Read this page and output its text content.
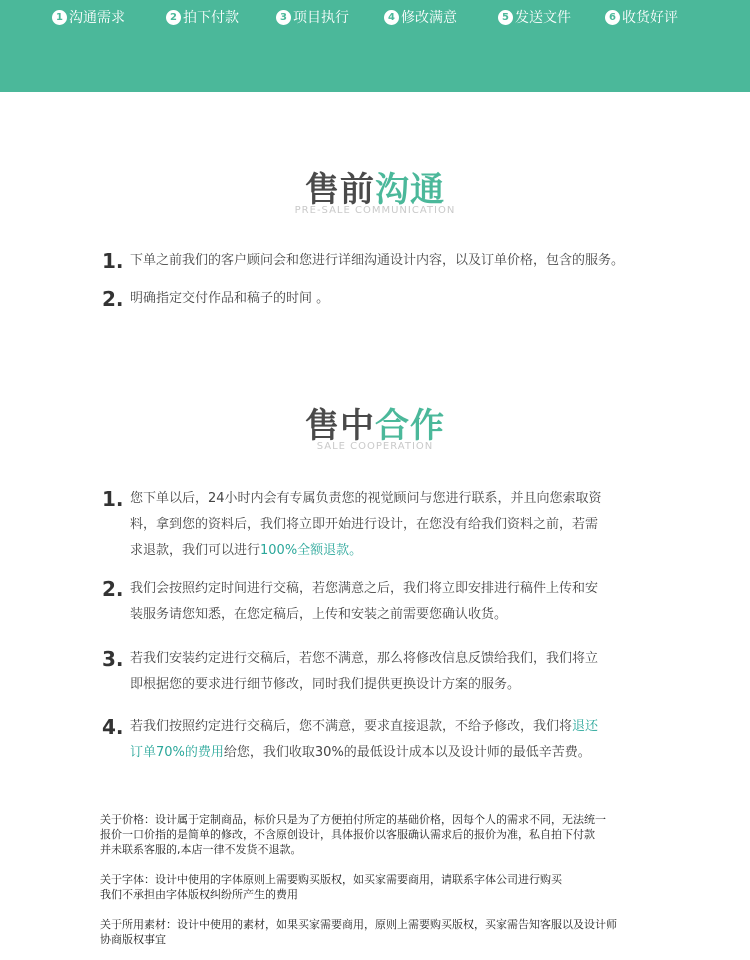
1 沟通需求	2 拍下付款	3 项目执行	4 修改满意	5 发送文件	6 收货好评
售前沟通
PRE-SALE COMMUNICATION
1. 下单之前我们的客户顾问会和您进行详细沟通设计内容，以及订单价格，包含的服务。
2. 明确指定交付作品和稿子的时间 。
售中合作
SALE COOPERATION
1. 您下单以后，24小时内会有专属负责您的视觉顾问与您进行联系，并且向您索取资
料，拿到您的资料后，我们将立即开始进行设计，在您没有给我们资料之前，若需
求退款，我们可以进行100%全额退款。
2. 我们会按照约定时间进行交稿，若您满意之后，我们将立即安排进行稿件上传和安
装服务请您知悉，在您定稿后，上传和安装之前需要您确认收货。
3. 若我们安装约定进行交稿后，若您不满意，那么将修改信息反馈给我们，我们将立
即根据您的要求进行细节修改，同时我们提供更换设计方案的服务。
4. 若我们按照约定进行交稿后，您不满意，要求直接退款，不给予修改，我们将退还
订单70%的费用给您，我们收取30%的最低设计成本以及设计师的最低辛苦费。
关于价格：设计属于定制商品，标价只是为了方便拍付所定的基础价格，因每个人的需求不同，无法统一
报价一口价指的是简单的修改，不含原创设计，具体报价以客服确认需求后的报价为准，私自拍下付款
并未联系客服的,本店一律不发货不退款。
关于字体：设计中使用的字体原则上需要购买版权，如买家需要商用，请联系字体公司进行购买
我们不承担由字体版权纠纷所产生的费用
关于所用素材：设计中使用的素材，如果买家需要商用，原则上需要购买版权，买家需告知客服以及设计师
协商版权事宜
